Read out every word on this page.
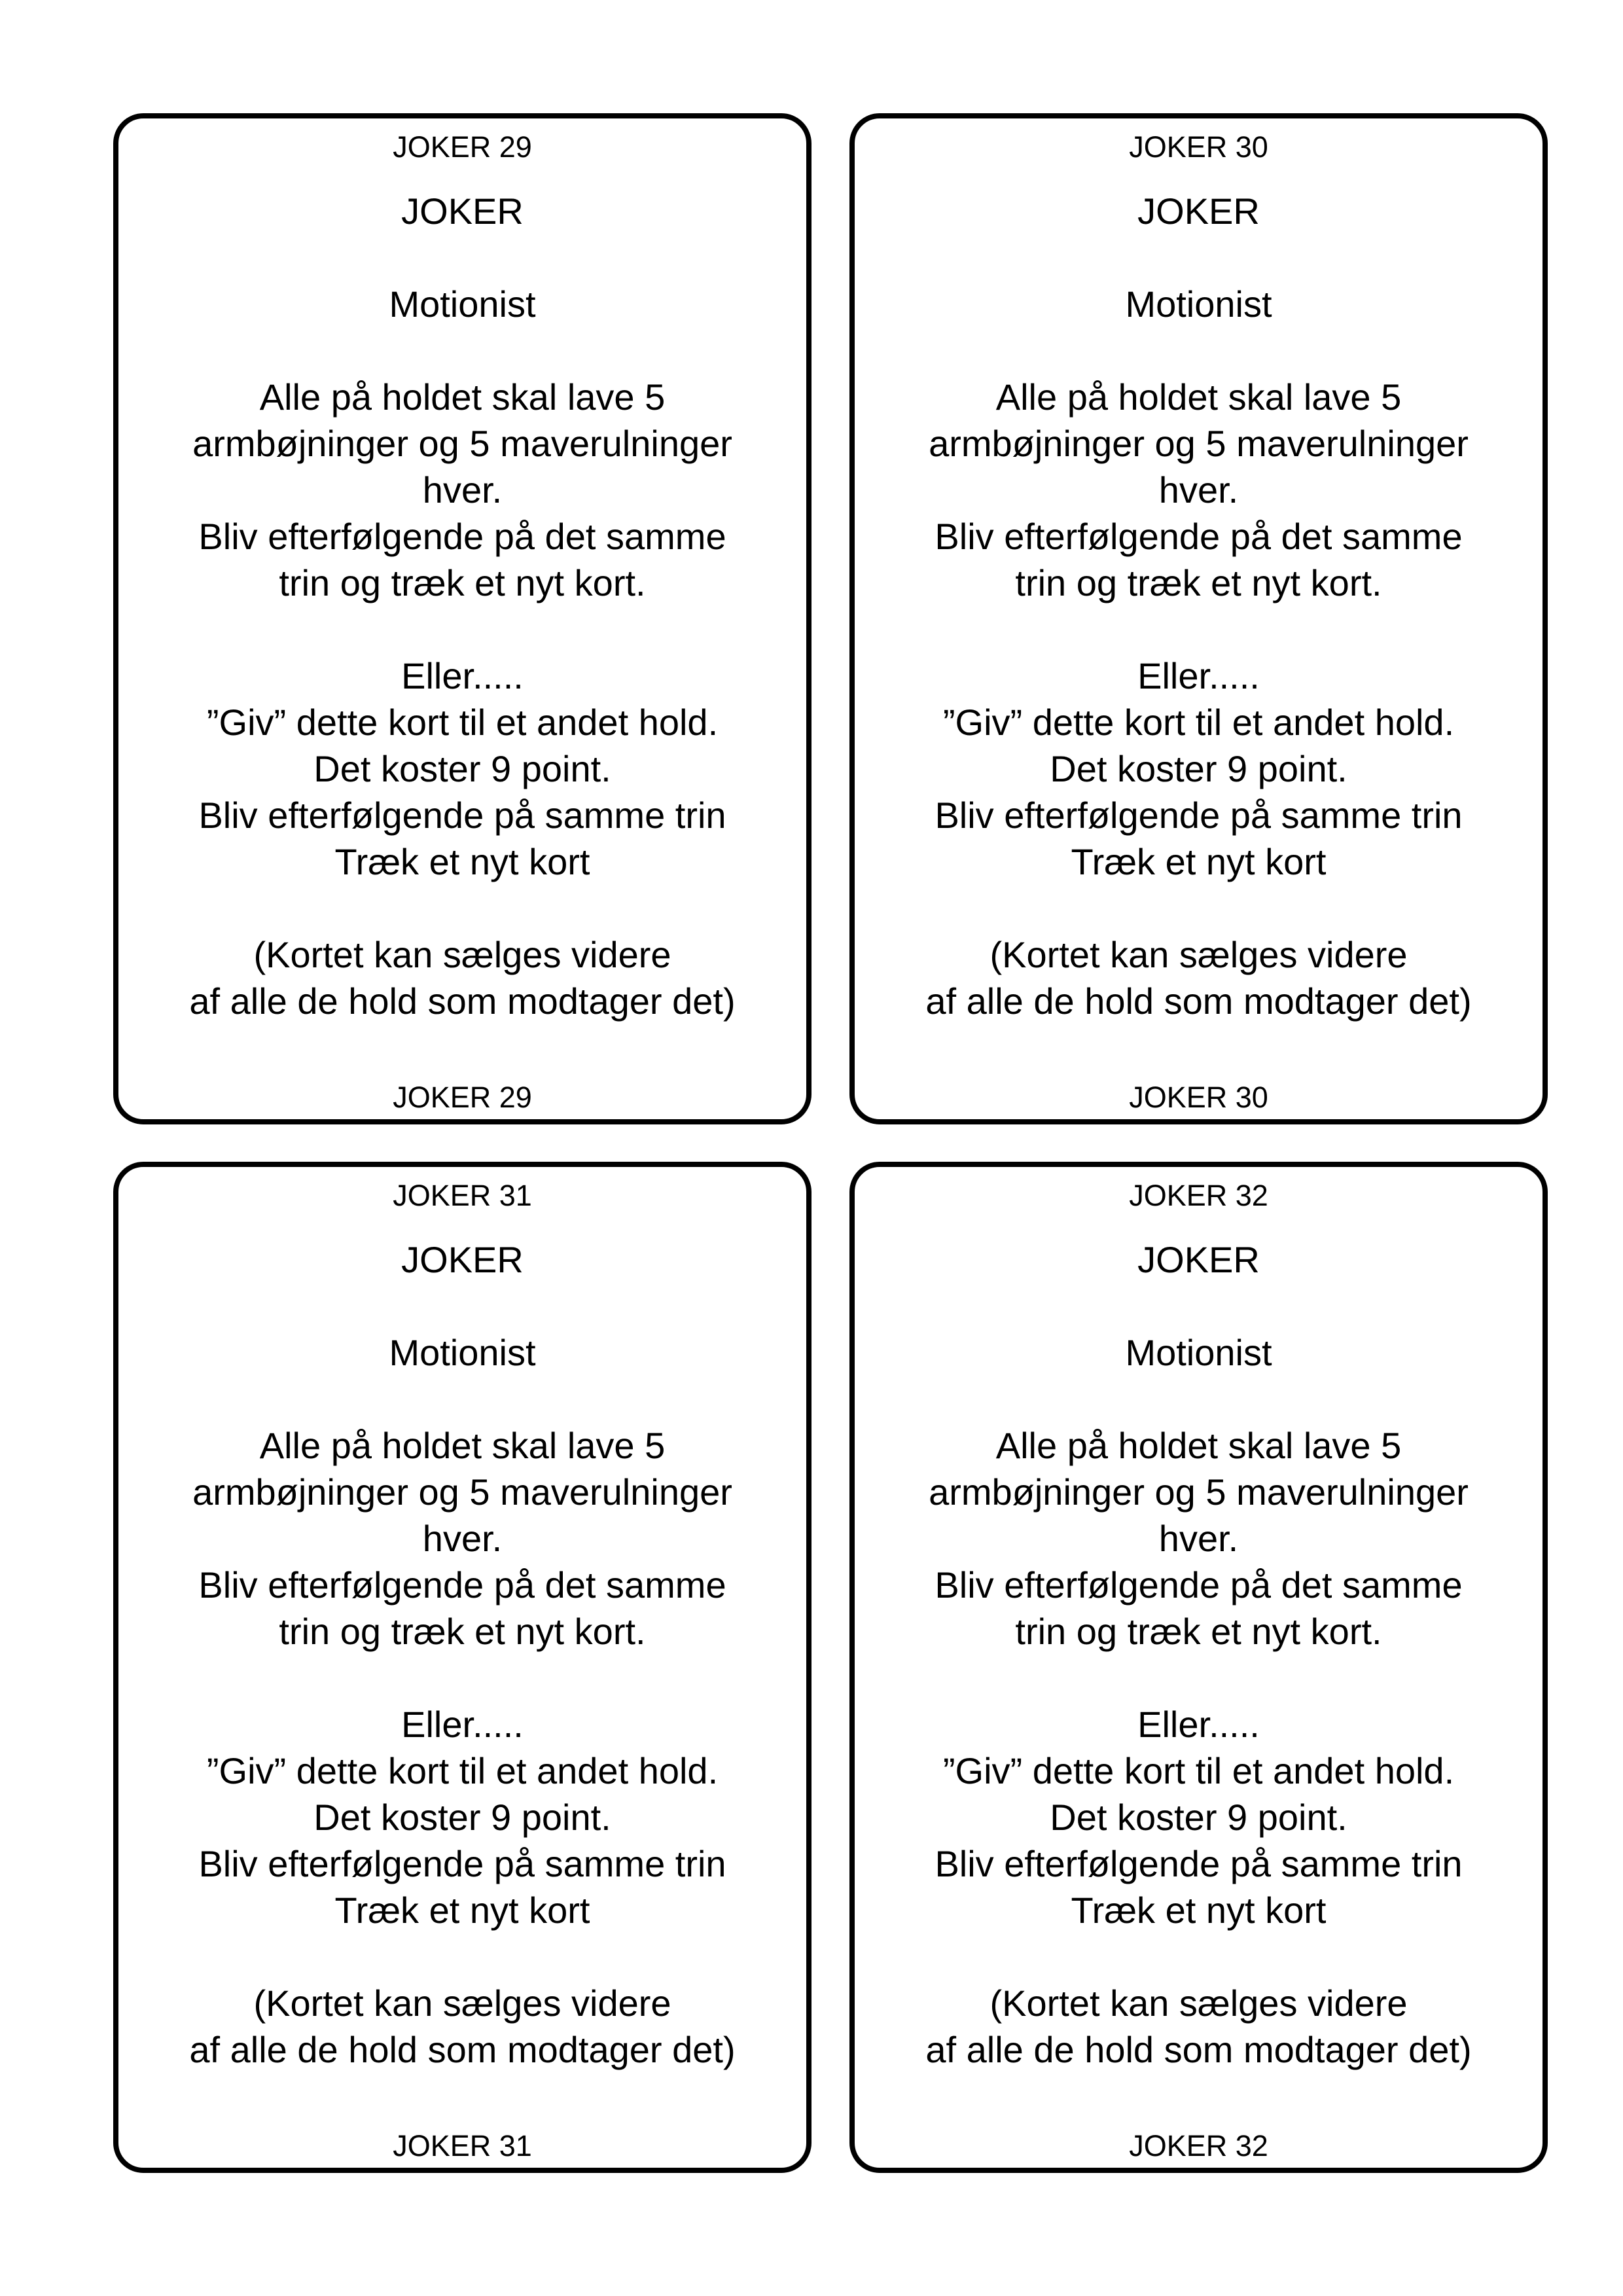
JOKER 29
JOKER
Motionist
Alle på holdet skal lave 5
armbøjninger og 5 maverulninger
hver.
Bliv efterfølgende på det samme
trin og træk et nyt kort.
Eller.....
”Giv” dette kort til et andet hold.
Det koster 9 point.
Bliv efterfølgende på samme trin
Træk et nyt kort
(Kortet kan sælges videre
af alle de hold som modtager det)
JOKER 29
JOKER 30
JOKER
Motionist
Alle på holdet skal lave 5
armbøjninger og 5 maverulninger
hver.
Bliv efterfølgende på det samme
trin og træk et nyt kort.
Eller.....
”Giv” dette kort til et andet hold.
Det koster 9 point.
Bliv efterfølgende på samme trin
Træk et nyt kort
(Kortet kan sælges videre
af alle de hold som modtager det)
JOKER 30
JOKER 31
JOKER
Motionist
Alle på holdet skal lave 5
armbøjninger og 5 maverulninger
hver.
Bliv efterfølgende på det samme
trin og træk et nyt kort.
Eller.....
”Giv” dette kort til et andet hold.
Det koster 9 point.
Bliv efterfølgende på samme trin
Træk et nyt kort
(Kortet kan sælges videre
af alle de hold som modtager det)
JOKER 31
JOKER 32
JOKER
Motionist
Alle på holdet skal lave 5
armbøjninger og 5 maverulninger
hver.
Bliv efterfølgende på det samme
trin og træk et nyt kort.
Eller.....
”Giv” dette kort til et andet hold.
Det koster 9 point.
Bliv efterfølgende på samme trin
Træk et nyt kort
(Kortet kan sælges videre
af alle de hold som modtager det)
JOKER 32
